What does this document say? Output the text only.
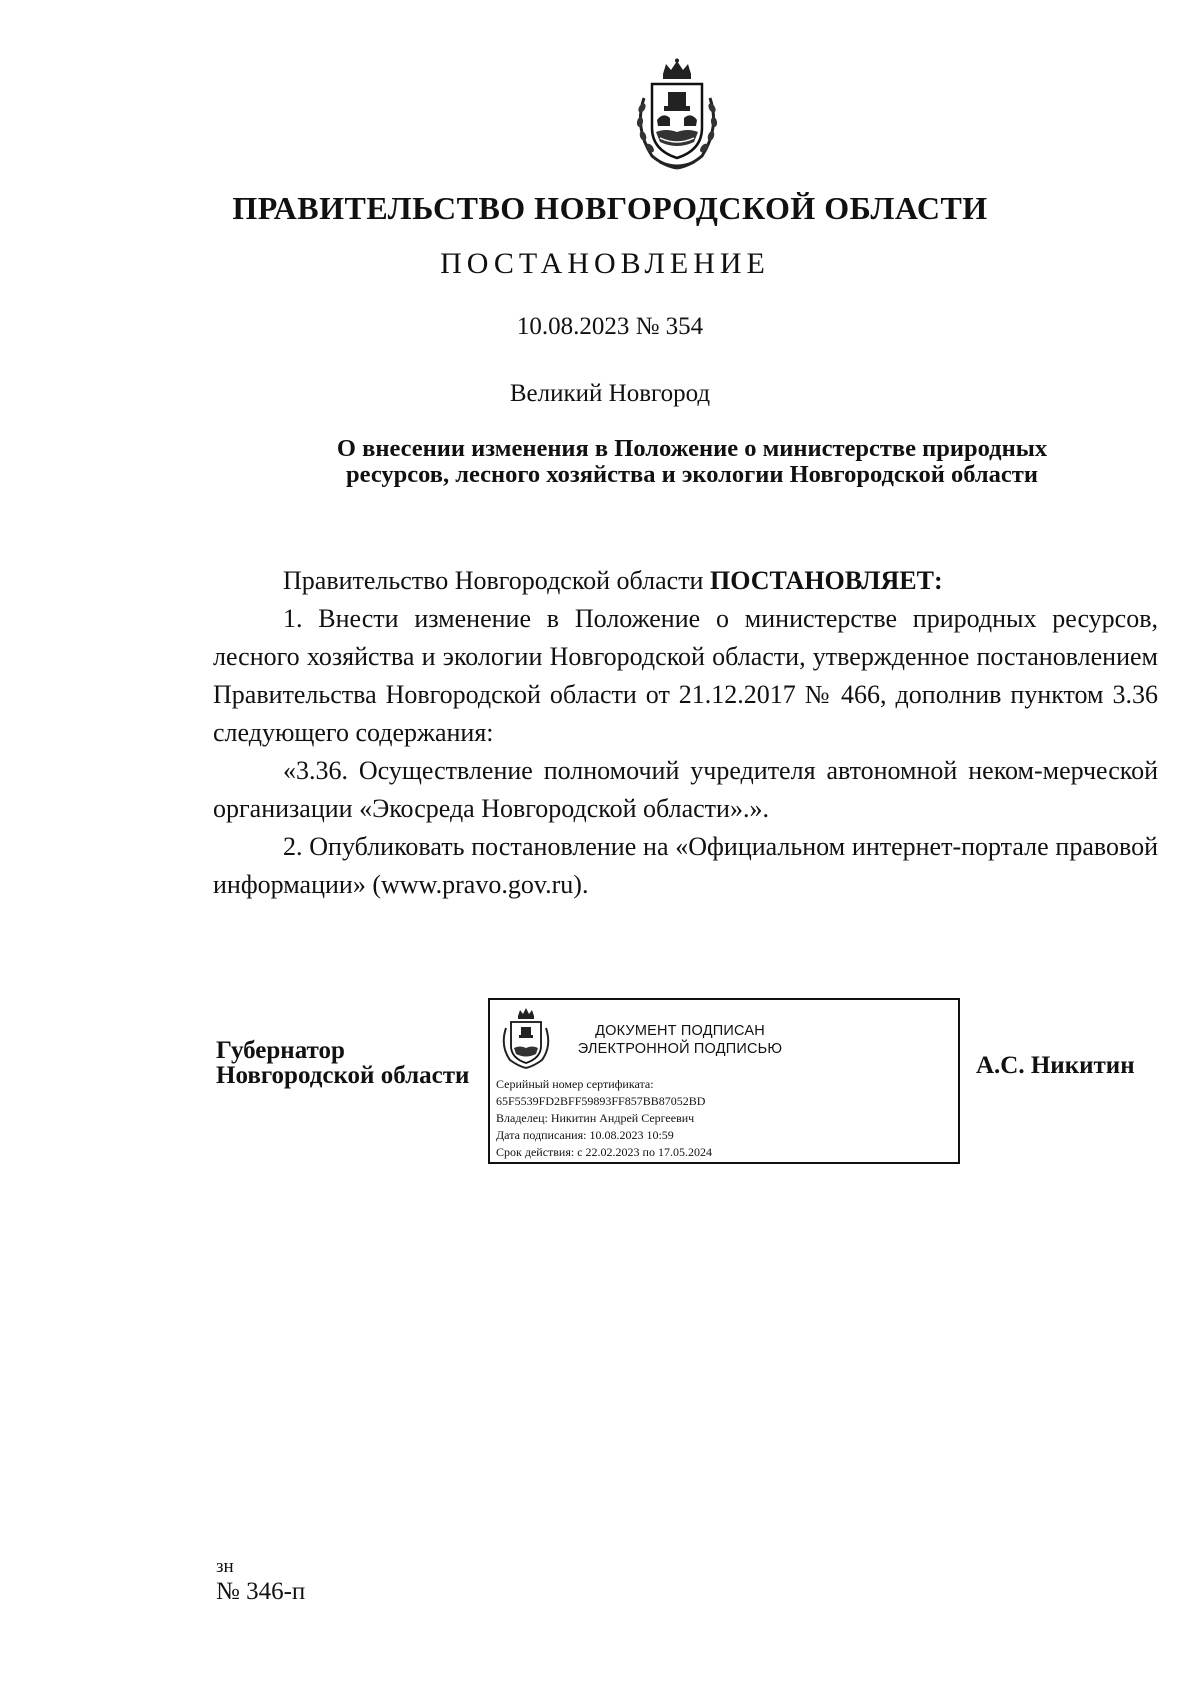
ПРАВИТЕЛЬСТВО НОВГОРОДСКОЙ ОБЛАСТИ
ПОСТАНОВЛЕНИЕ
10.08.2023 № 354
Великий Новгород
О внесении изменения в Положение о министерстве природных
ресурсов, лесного хозяйства и экологии Новгородской области

Правительство Новгородской области ПОСТАНОВЛЯЕТ:

1. Внести изменение в Положение о министерстве природных ресурсов, лесного хозяйства и экологии Новгородской области, утвержденное постановлением Правительства Новгородской области от 21.12.2017 № 466, дополнив пунктом 3.36 следующего содержания:

«3.36. Осуществление полномочий учредителя автономной неком-мерческой организации «Экосреда Новгородской области».».

2. Опубликовать постановление на «Официальном интернет-портале правовой информации» (www.pravo.gov.ru).

Губернатор
Новгородской области
ДОКУМЕНТ ПОДПИСАН
ЭЛЕКТРОННОЙ ПОДПИСЬЮ
Серийный номер сертификата:
65F5539FD2BFF59893FF857BB87052BD
Владелец: Никитин Андрей Сергеевич
Дата подписания: 10.08.2023 10:59
Срок действия: с 22.02.2023 по 17.05.2024
А.С. Никитин
зн
№ 346-п
